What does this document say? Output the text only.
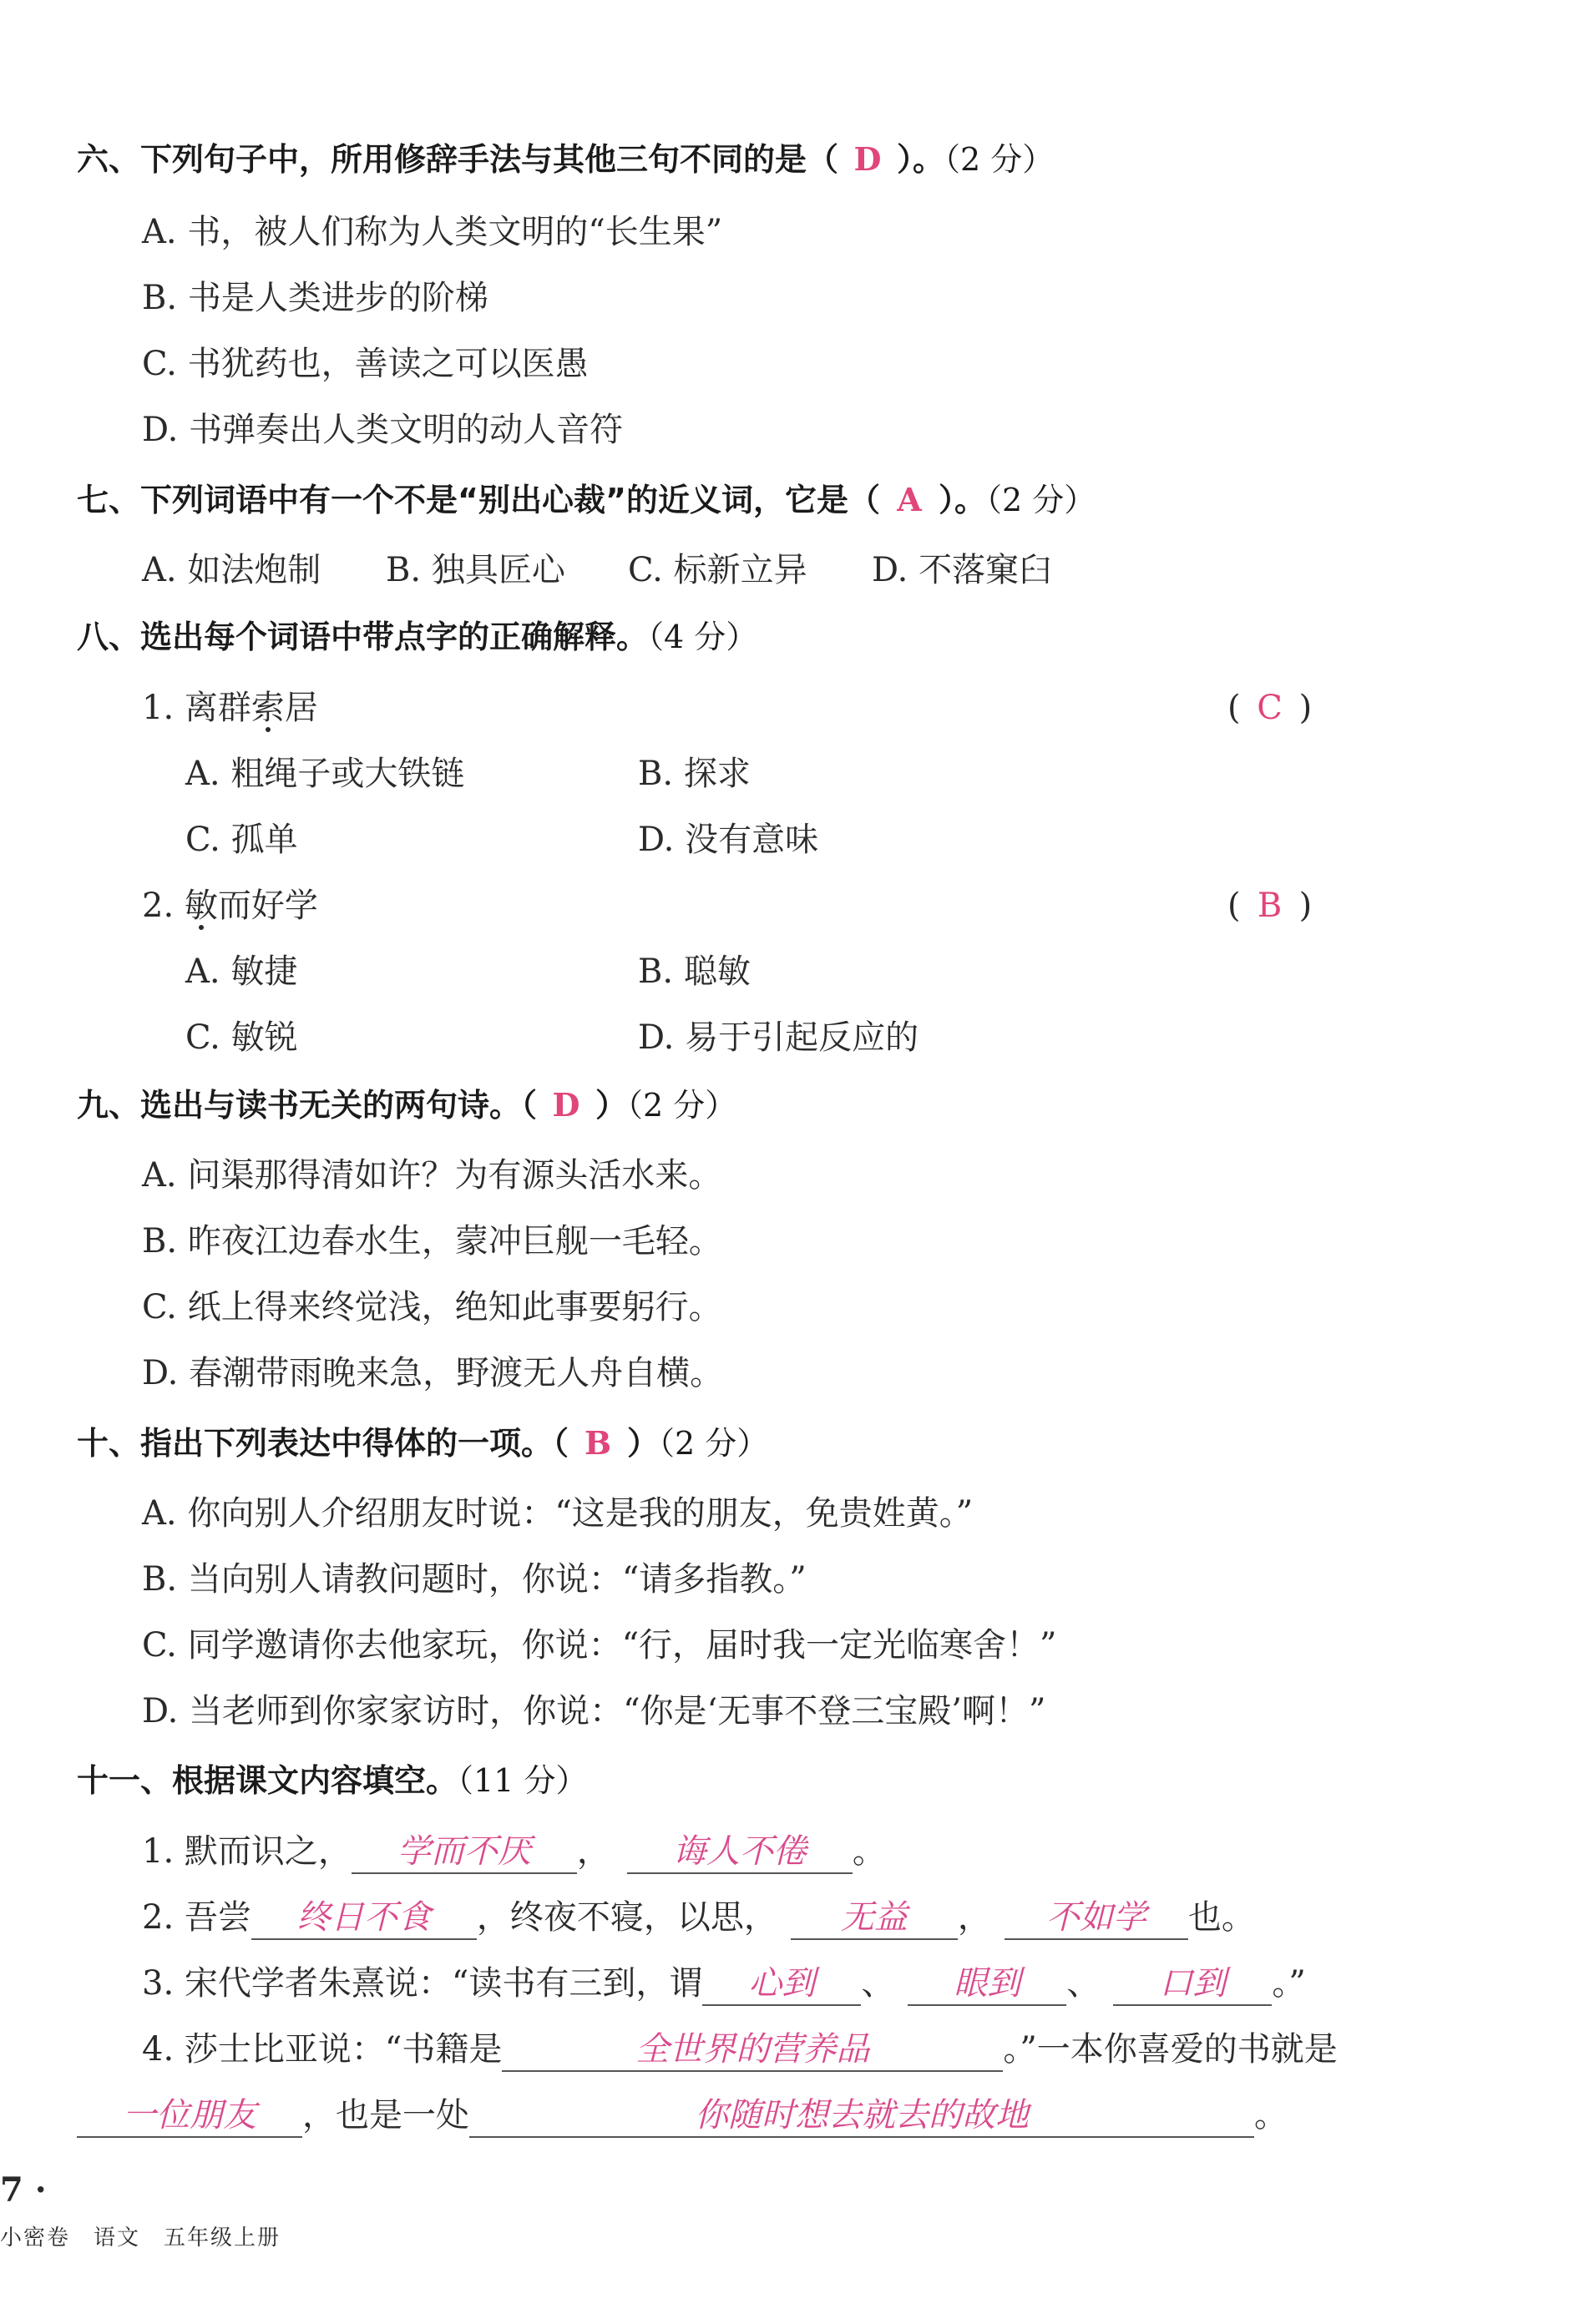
六、下列句子中，所用修辞手法与其他三句不同的是（ D ）。（2 分）
A. 书，被人们称为人类文明的“长生果”
B. 书是人类进步的阶梯
C. 书犹药也，善读之可以医愚
D. 书弹奏出人类文明的动人音符
七、下列词语中有一个不是“别出心裁”的近义词，它是（ A ）。（2 分）
A. 如法炮制 B. 独具匠心 C. 标新立异 D. 不落窠臼
八、选出每个词语中带点字的正确解释。（4 分）
1. 离群索居	( C )
A. 粗绳子或大铁链	B. 探求
C. 孤单	D. 没有意味
2. 敏而好学	( B )
A. 敏捷	B. 聪敏
C. 敏锐	D. 易于引起反应的
九、选出与读书无关的两句诗。（ D ）（2 分）
A. 问渠那得清如许？为有源头活水来。
B. 昨夜江边春水生，蒙冲巨舰一毛轻。
C. 纸上得来终觉浅，绝知此事要躬行。
D. 春潮带雨晚来急，野渡无人舟自横。
十、指出下列表达中得体的一项。（ B ）（2 分）
A. 你向别人介绍朋友时说：“这是我的朋友，免贵姓黄。”
B. 当向别人请教问题时，你说：“请多指教。”
C. 同学邀请你去他家玩，你说：“行，届时我一定光临寒舍！”
D. 当老师到你家家访时，你说：“你是‘无事不登三宝殿’啊！”
十一、根据课文内容填空。（11 分）
1. 默而识之， 学而不厌 ， 诲人不倦 。
2. 吾尝 终日不食 ，终夜不寝，以思， 无益 ， 不如学 也。
3. 宋代学者朱熹说：“读书有三到，谓 心到 、 眼到 、 口到 。”
4. 莎士比亚说：“书籍是	全世界的营养品	。”一本你喜爱的书就是
一位朋友 ，也是一处	你随时想去就去的故地	。
7 ·
小密卷　语文　五年级上册
